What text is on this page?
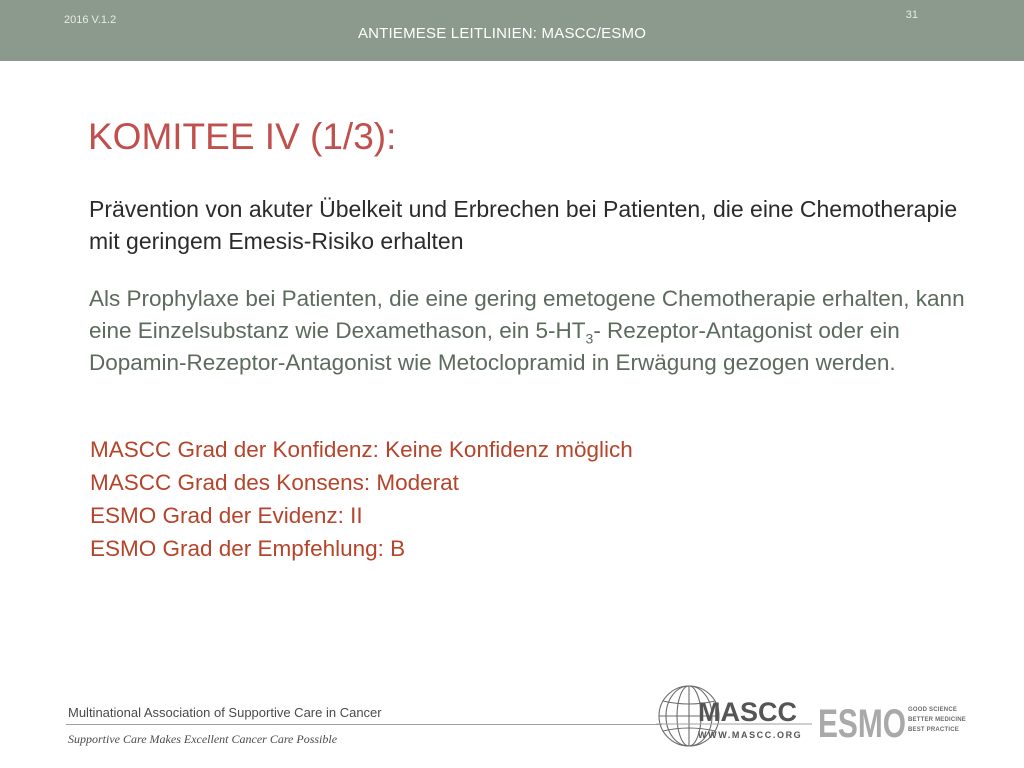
2016 V.1.2	31
ANTIEMESE LEITLINIEN: MASCC/ESMO
KOMITEE IV (1/3):
Prävention von akuter Übelkeit und Erbrechen bei Patienten, die eine Chemotherapie mit geringem Emesis-Risiko erhalten
Als Prophylaxe bei Patienten, die eine gering emetogene Chemotherapie erhalten, kann eine Einzelsubstanz wie Dexamethason, ein $5-HT_3-$ Rezeptor-Antagonist oder ein Dopamin-Rezeptor-Antagonist wie Metoclopramid in Erwägung gezogen werden.
MASCC Grad der Konfidenz: Keine Konfidenz möglich
MASCC Grad des Konsens: Moderat
ESMO Grad der Evidenz: II
ESMO Grad der Empfehlung: B
Multinational Association of Supportive Care in Cancer
Supportive Care Makes Excellent Cancer Care Possible
MASCC
WWW.MASCC.ORG ESMO GOOD SCIENCE
BETTER MEDICINE
BEST PRACTICE
